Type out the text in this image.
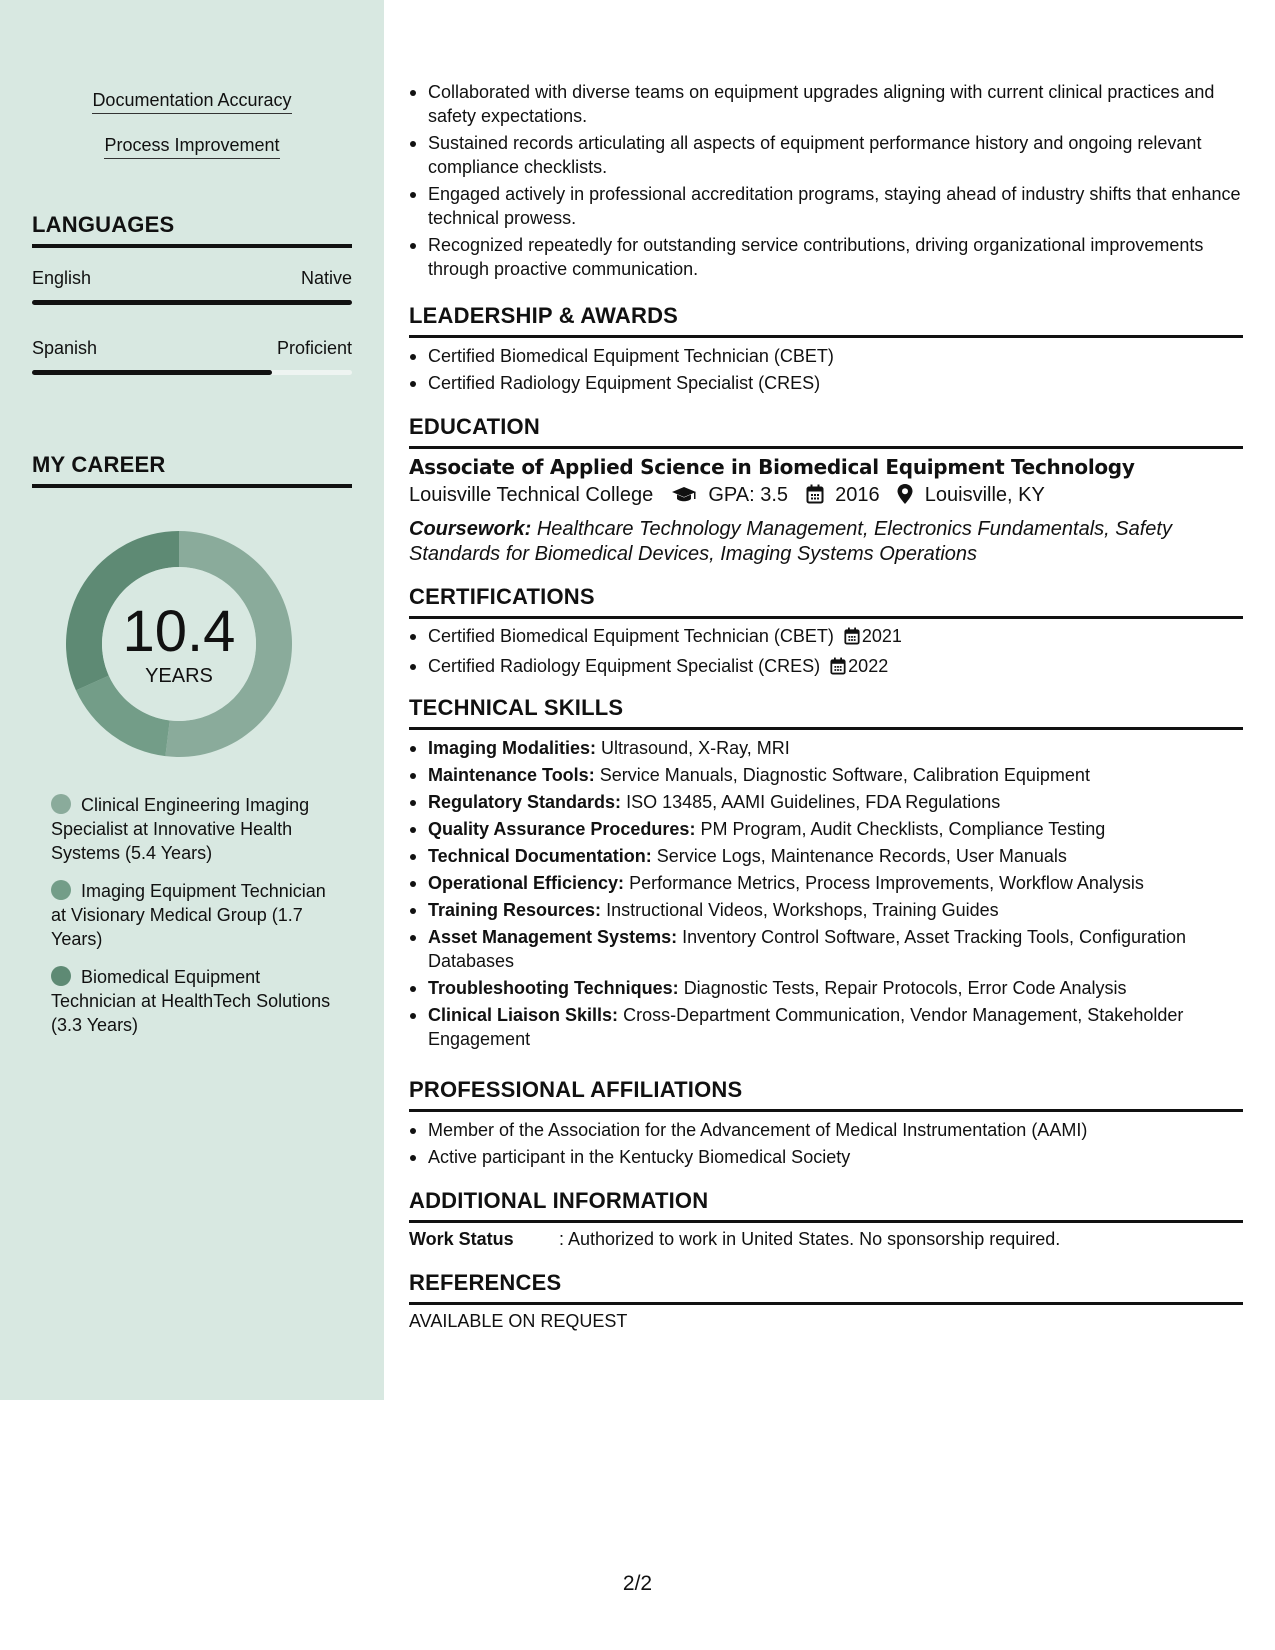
Documentation Accuracy
Process Improvement
LANGUAGES
English	Native
Spanish	Proficient
MY CAREER
10.4
YEARS
Clinical Engineering Imaging Specialist at Innovative Health Systems (5.4 Years)
Imaging Equipment Technician at Visionary Medical Group (1.7 Years)
Biomedical Equipment Technician at HealthTech Solutions (3.3 Years)
Collaborated with diverse teams on equipment upgrades aligning with current clinical practices and safety expectations.
Sustained records articulating all aspects of equipment performance history and ongoing relevant compliance checklists.
Engaged actively in professional accreditation programs, staying ahead of industry shifts that enhance technical prowess.
Recognized repeatedly for outstanding service contributions, driving organizational improvements through proactive communication.
LEADERSHIP & AWARDS
Certified Biomedical Equipment Technician (CBET)
Certified Radiology Equipment Specialist (CRES)
EDUCATION
Associate of Applied Science in Biomedical Equipment Technology
Louisville Technical College	GPA: 3.5 2016 Louisville, KY
Coursework: Healthcare Technology Management, Electronics Fundamentals, Safety Standards for Biomedical Devices, Imaging Systems Operations
CERTIFICATIONS
Certified Biomedical Equipment Technician (CBET) 2021
Certified Radiology Equipment Specialist (CRES) 2022
TECHNICAL SKILLS
Imaging Modalities: Ultrasound, X-Ray, MRI
Maintenance Tools: Service Manuals, Diagnostic Software, Calibration Equipment
Regulatory Standards: ISO 13485, AAMI Guidelines, FDA Regulations
Quality Assurance Procedures: PM Program, Audit Checklists, Compliance Testing
Technical Documentation: Service Logs, Maintenance Records, User Manuals
Operational Efficiency: Performance Metrics, Process Improvements, Workflow Analysis
Training Resources: Instructional Videos, Workshops, Training Guides
Asset Management Systems: Inventory Control Software, Asset Tracking Tools, Configuration Databases
Troubleshooting Techniques: Diagnostic Tests, Repair Protocols, Error Code Analysis
Clinical Liaison Skills: Cross-Department Communication, Vendor Management, Stakeholder Engagement
PROFESSIONAL AFFILIATIONS
Member of the Association for the Advancement of Medical Instrumentation (AAMI)
Active participant in the Kentucky Biomedical Society
ADDITIONAL INFORMATION
Work Status	: Authorized to work in United States. No sponsorship required.
REFERENCES
AVAILABLE ON REQUEST
2/2
